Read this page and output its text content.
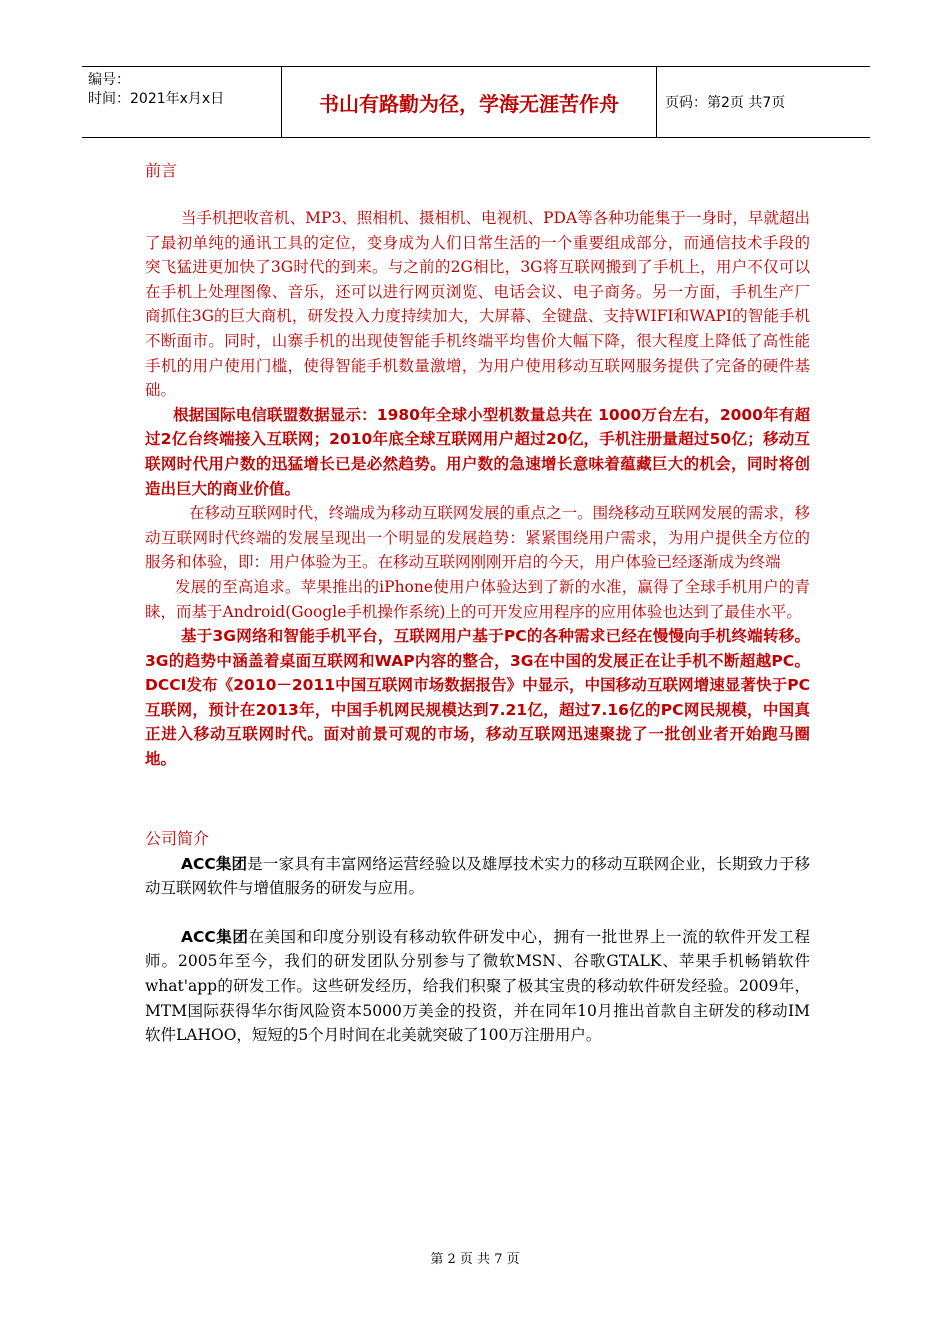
编号：
时间：2021年x月x日	书山有路勤为径，学海无涯苦作舟	页码：第2页 共7页

前言

当手机把收音机、MP3、照相机、摄相机、电视机、PDA等各种功能集于一身时，早就超出了最初单纯的通讯工具的定位，变身成为人们日常生活的一个重要组成部分，而通信技术手段的突飞猛进更加快了3G时代的到来。与之前的2G相比，3G将互联网搬到了手机上，用户不仅可以在手机上处理图像、音乐，还可以进行网页浏览、电话会议、电子商务。另一方面，手机生产厂商抓住3G的巨大商机，研发投入力度持续加大，大屏幕、全键盘、支持WIFI和WAPI的智能手机不断面市。同时，山寨手机的出现使智能手机终端平均售价大幅下降，很大程度上降低了高性能手机的用户使用门槛，使得智能手机数量激增，为用户使用移动互联网服务提供了完备的硬件基础。

根据国际电信联盟数据显示：1980年全球小型机数量总共在 1000万台左右，2000年有超过2亿台终端接入互联网；2010年底全球互联网用户超过20亿，手机注册量超过50亿；移动互联网时代用户数的迅猛增长已是必然趋势。用户数的急速增长意味着蕴藏巨大的机会，同时将创造出巨大的商业价值。

在移动互联网时代，终端成为移动互联网发展的重点之一。围绕移动互联网发展的需求，移动互联网时代终端的发展呈现出一个明显的发展趋势：紧紧围绕用户需求，为用户提供全方位的服务和体验，即：用户体验为王。在移动互联网刚刚开启的今天，用户体验已经逐渐成为终端

发展的至高追求。苹果推出的iPhone使用户体验达到了新的水准，赢得了全球手机用户的青睐，而基于Android(Google手机操作系统)上的可开发应用程序的应用体验也达到了最佳水平。

基于3G网络和智能手机平台，互联网用户基于PC的各种需求已经在慢慢向手机终端转移。3G的趋势中涵盖着桌面互联网和WAP内容的整合，3G在中国的发展正在让手机不断超越PC。DCCI发布《2010－2011中国互联网市场数据报告》中显示，中国移动互联网增速显著快于PC互联网，预计在2013年，中国手机网民规模达到7.21亿，超过7.16亿的PC网民规模，中国真正进入移动互联网时代。面对前景可观的市场，移动互联网迅速聚拢了一批创业者开始跑马圈地。

公司简介

ACC集团是一家具有丰富网络运营经验以及雄厚技术实力的移动互联网企业，长期致力于移动互联网软件与增值服务的研发与应用。

ACC集团在美国和印度分别设有移动软件研发中心，拥有一批世界上一流的软件开发工程师。2005年至今，我们的研发团队分别参与了微软MSN、谷歌GTALK、苹果手机畅销软件what'app的研发工作。这些研发经历，给我们积聚了极其宝贵的移动软件研发经验。2009年，MTM国际获得华尔街风险资本5000万美金的投资，并在同年10月推出首款自主研发的移动IM软件LAHOO，短短的5个月时间在北美就突破了100万注册用户。

第 2 页 共 7 页
